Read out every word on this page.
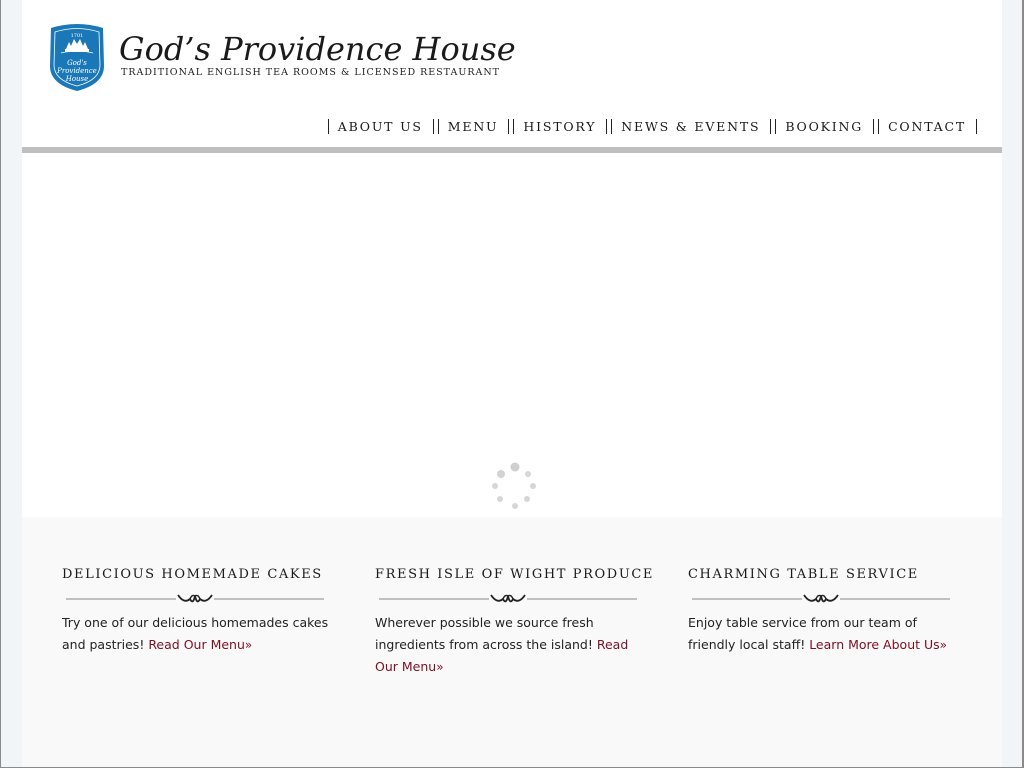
1701
God's
Providence
House
God’s Providence House
TRADITIONAL ENGLISH TEA ROOMS & LICENSED RESTAURANT
ABOUT US	MENU	HISTORY	NEWS & EVENTS	BOOKING	CONTACT
DELICIOUS HOMEMADE CAKES
Try one of our delicious homemades cakes and pastries! Read Our Menu»
FRESH ISLE OF WIGHT PRODUCE
Wherever possible we source fresh ingredients from across the island! Read Our Menu»
CHARMING TABLE SERVICE
Enjoy table service from our team of friendly local staff! Learn More About Us»
